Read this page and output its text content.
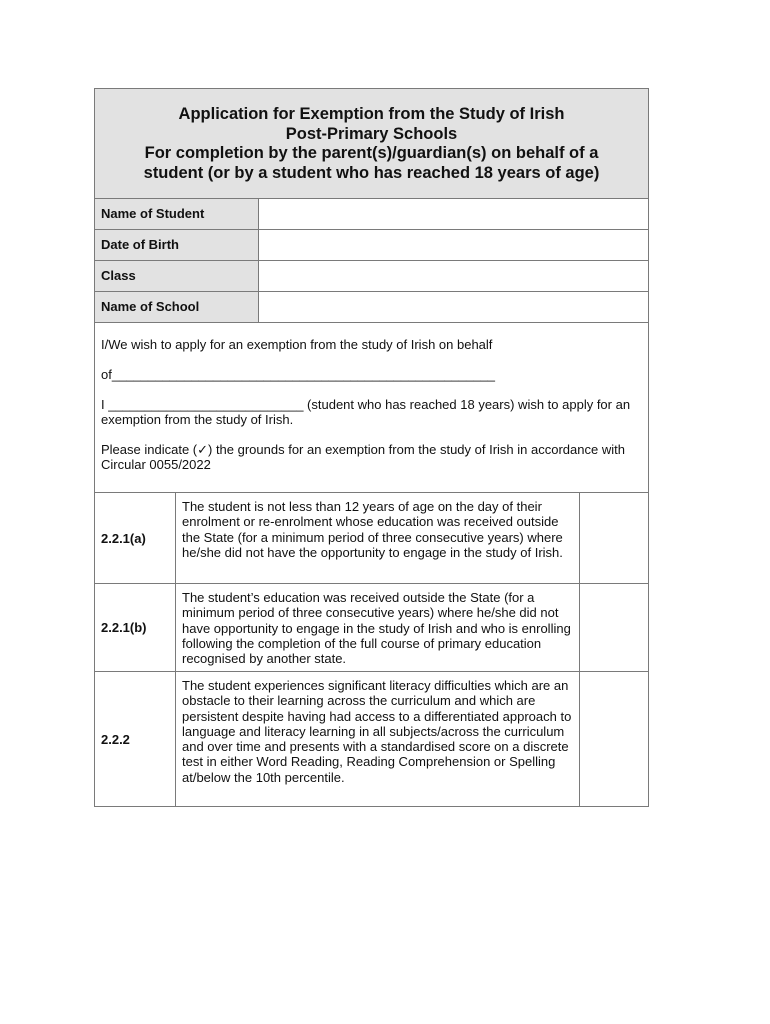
Application for Exemption from the Study of Irish
Post-Primary Schools
For completion by the parent(s)/guardian(s) on behalf of a
student (or by a student who has reached 18 years of age)
Name of Student
Date of Birth
Class
Name of School

I/We wish to apply for an exemption from the study of Irish on behalf

of_____________________________________________________

I ___________________________ (student who has reached 18 years) wish to apply for an exemption from the study of Irish.

Please indicate (✓) the grounds for an exemption from the study of Irish in accordance with Circular 0055/2022

2.2.1(a)
The student is not less than 12 years of age on the day of their enrolment or re-enrolment whose education was received outside the State (for a minimum period of three consecutive years) where he/she did not have the opportunity to engage in the study of Irish.
2.2.1(b)
The student’s education was received outside the State (for a minimum period of three consecutive years) where he/she did not have opportunity to engage in the study of Irish and who is enrolling following the completion of the full course of primary education recognised by another state.
2.2.2
The student experiences significant literacy difficulties which are an obstacle to their learning across the curriculum and which are persistent despite having had access to a differentiated approach to language and literacy learning in all subjects/across the curriculum and over time and presents with a standardised score on a discrete test in either Word Reading, Reading Comprehension or Spelling at/below the 10th percentile.
